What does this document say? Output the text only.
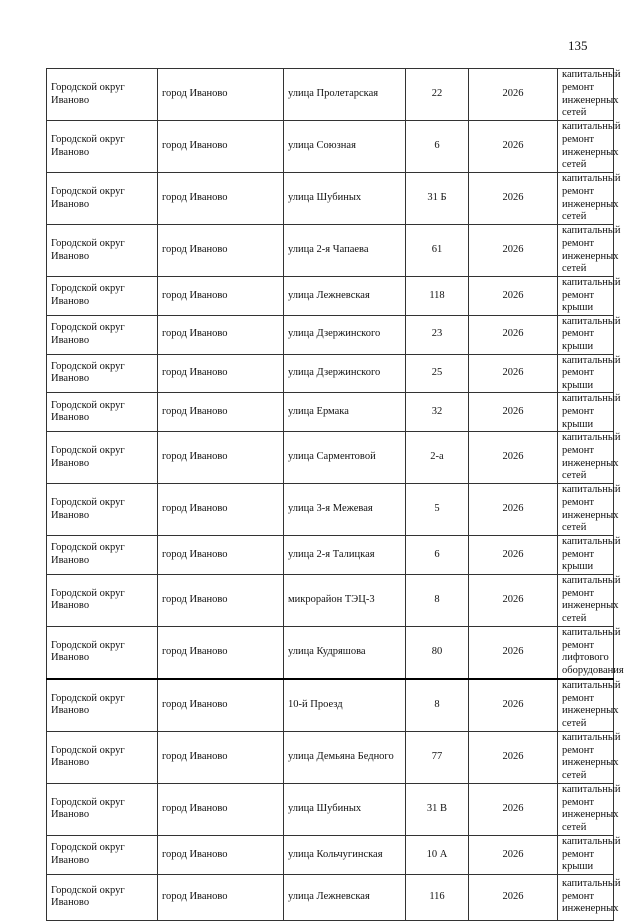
135
Городской округ Иваново	город Иваново	улица Пролетарская	22	2026	капитальный ремонт инженерных сетей
Городской округ Иваново	город Иваново	улица Союзная	6	2026	капитальный ремонт инженерных сетей
Городской округ Иваново	город Иваново	улица Шубиных	31 Б	2026	капитальный ремонт инженерных сетей
Городской округ Иваново	город Иваново	улица 2-я Чапаева	61	2026	капитальный ремонт инженерных сетей
Городской округ Иваново	город Иваново	улица Лежневская	118	2026	капитальный ремонт крыши
Городской округ Иваново	город Иваново	улица Дзержинского	23	2026	капитальный ремонт крыши
Городской округ Иваново	город Иваново	улица Дзержинского	25	2026	капитальный ремонт крыши
Городской округ Иваново	город Иваново	улица Ермака	32	2026	капитальный ремонт крыши
Городской округ Иваново	город Иваново	улица Сарментовой	2-а	2026	капитальный ремонт инженерных сетей
Городской округ Иваново	город Иваново	улица 3-я Межевая	5	2026	капитальный ремонт инженерных сетей
Городской округ Иваново	город Иваново	улица 2-я Талицкая	6	2026	капитальный ремонт крыши
Городской округ Иваново	город Иваново	микрорайон ТЭЦ-3	8	2026	капитальный ремонт инженерных сетей
Городской округ Иваново	город Иваново	улица Кудряшова	80	2026	капитальный ремонт лифтового оборудования
Городской округ Иваново	город Иваново	10-й Проезд	8	2026	капитальный ремонт инженерных сетей
Городской округ Иваново	город Иваново	улица Демьяна Бедного	77	2026	капитальный ремонт инженерных сетей
Городской округ Иваново	город Иваново	улица Шубиных	31 В	2026	капитальный ремонт инженерных сетей
Городской округ Иваново	город Иваново	улица Кольчугинская	10 А	2026	капитальный ремонт крыши
Городской округ Иваново	город Иваново	улица Лежневская	116	2026	капитальный ремонт инженерных
